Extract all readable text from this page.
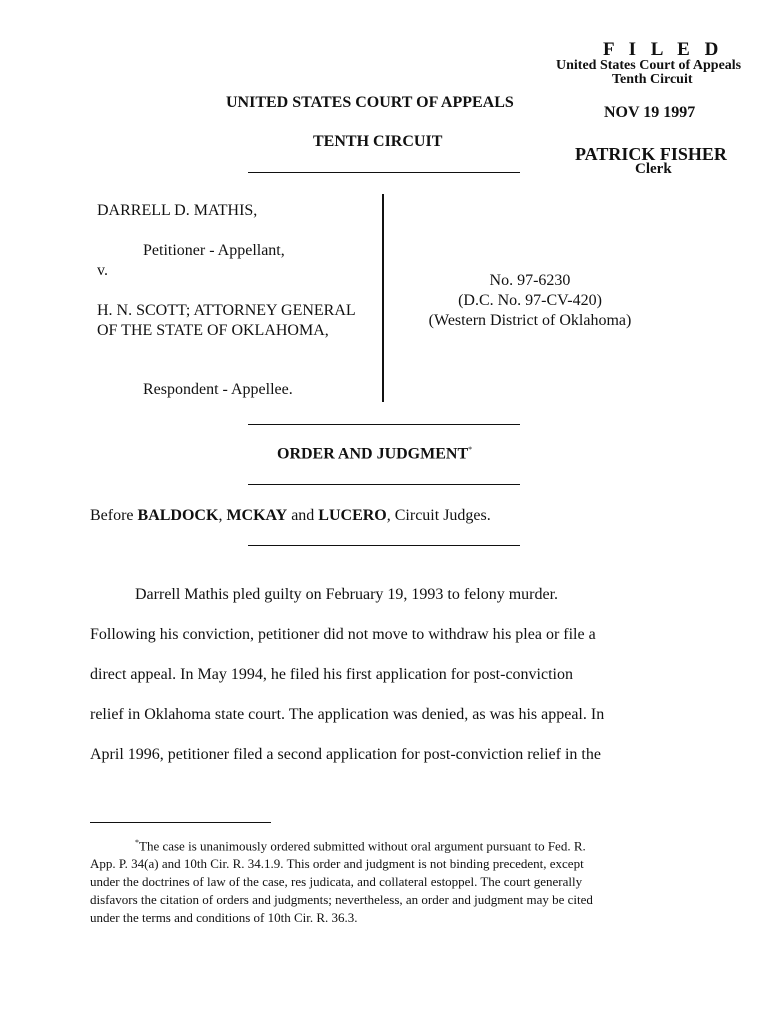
F I L E D
United States Court of Appeals
Tenth Circuit
NOV 19 1997
PATRICK FISHER
Clerk
UNITED STATES COURT OF APPEALS
TENTH CIRCUIT
DARRELL D. MATHIS,
Petitioner - Appellant,
v.
H. N. SCOTT; ATTORNEY GENERAL OF THE STATE OF OKLAHOMA,
Respondent - Appellee.
No. 97-6230
(D.C. No. 97-CV-420)
(Western District of Oklahoma)
ORDER AND JUDGMENT*
Before BALDOCK, MCKAY and LUCERO, Circuit Judges.
Darrell Mathis pled guilty on February 19, 1993 to felony murder.
Following his conviction, petitioner did not move to withdraw his plea or file a
direct appeal. In May 1994, he filed his first application for post-conviction
relief in Oklahoma state court. The application was denied, as was his appeal. In
April 1996, petitioner filed a second application for post-conviction relief in the
*The case is unanimously ordered submitted without oral argument pursuant to Fed. R.
App. P. 34(a) and 10th Cir. R. 34.1.9. This order and judgment is not binding precedent, except
under the doctrines of law of the case, res judicata, and collateral estoppel. The court generally
disfavors the citation of orders and judgments; nevertheless, an order and judgment may be cited
under the terms and conditions of 10th Cir. R. 36.3.
